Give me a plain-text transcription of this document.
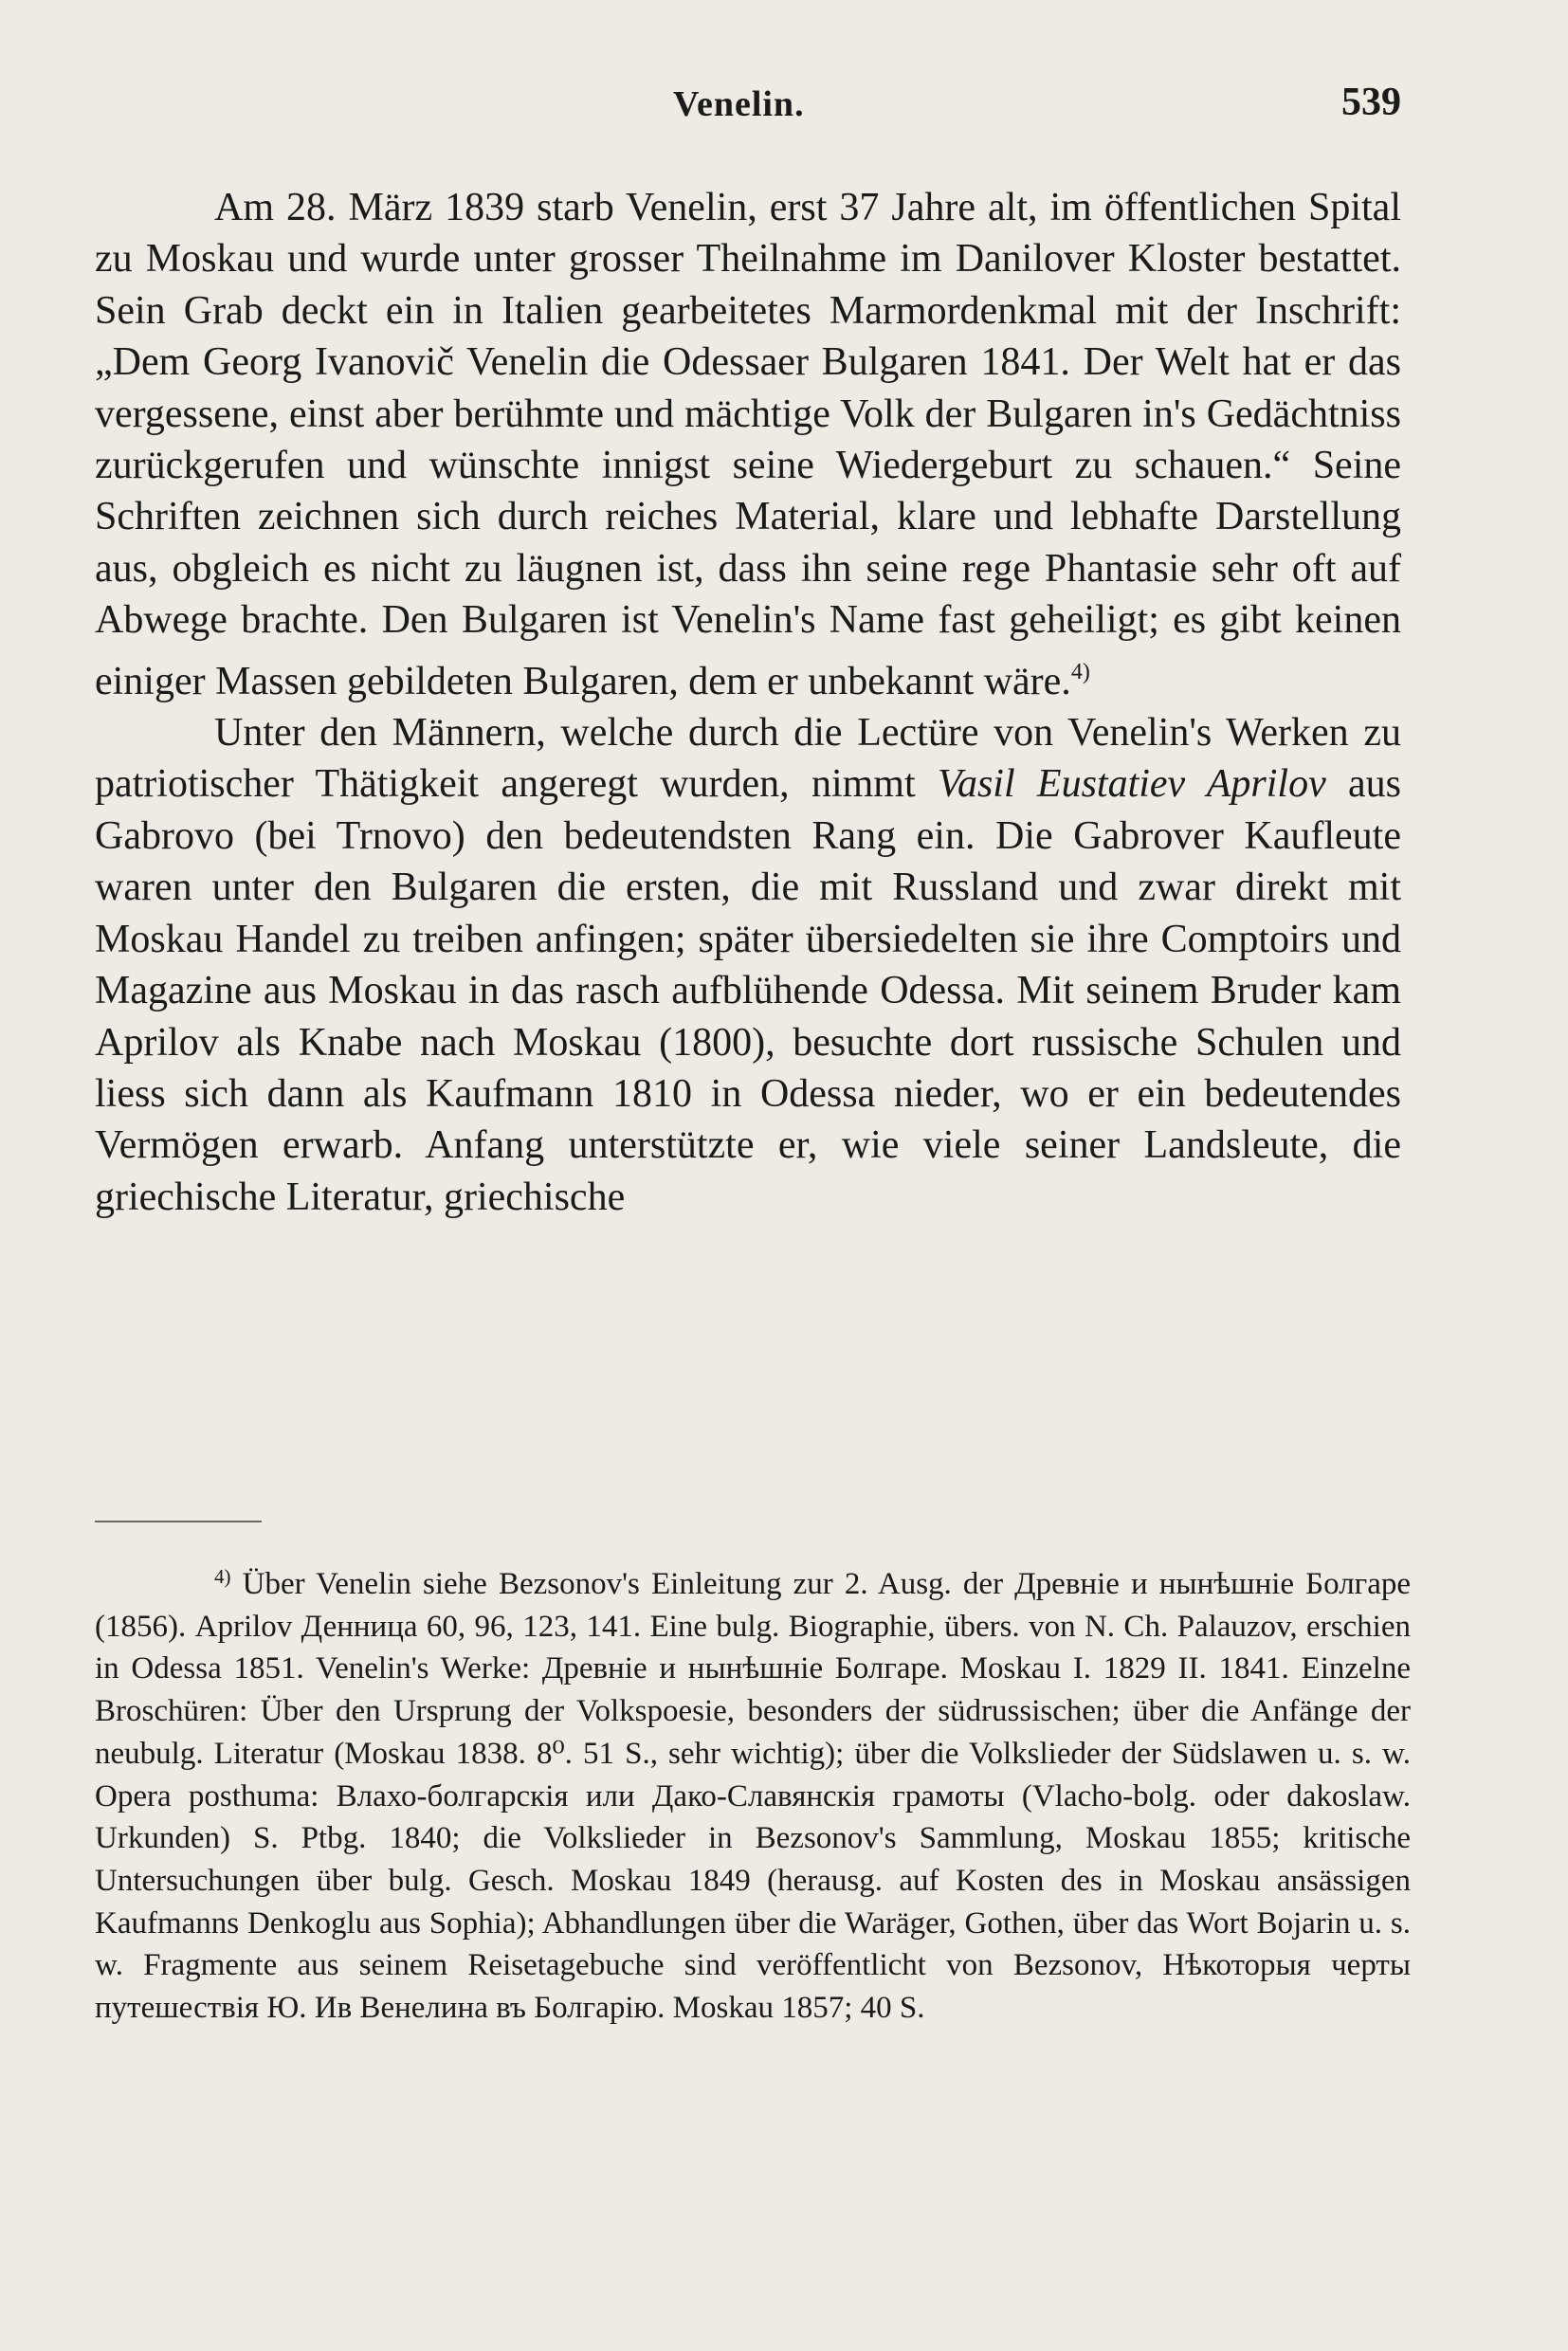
Venelin.	539

Am 28. März 1839 starb Venelin, erst 37 Jahre alt, im öffentlichen Spital zu Moskau und wurde unter grosser Theilnahme im Danilover Kloster bestattet. Sein Grab deckt ein in Italien gearbeitetes Marmordenkmal mit der Inschrift: „Dem Georg Ivanovič Venelin die Odessaer Bulgaren 1841. Der Welt hat er das vergessene, einst aber berühmte und mächtige Volk der Bulgaren in's Gedächtniss zurückgerufen und wünschte innigst seine Wiedergeburt zu schauen.“ Seine Schriften zeichnen sich durch reiches Material, klare und lebhafte Darstellung aus, obgleich es nicht zu läugnen ist, dass ihn seine rege Phantasie sehr oft auf Abwege brachte. Den Bulgaren ist Venelin's Name fast geheiligt; es gibt keinen einiger Massen gebildeten Bulgaren, dem er unbekannt wäre.$^{4)}$

Unter den Männern, welche durch die Lectüre von Venelin's Werken zu patriotischer Thätigkeit angeregt wurden, nimmt Vasil Eustatiev Aprilov aus Gabrovo (bei Trnovo) den bedeutendsten Rang ein. Die Gabrover Kaufleute waren unter den Bulgaren die ersten, die mit Russland und zwar direkt mit Moskau Handel zu treiben anfingen; später übersiedelten sie ihre Comptoirs und Magazine aus Moskau in das rasch aufblühende Odessa. Mit seinem Bruder kam Aprilov als Knabe nach Moskau (1800), besuchte dort russische Schulen und liess sich dann als Kaufmann 1810 in Odessa nieder, wo er ein bedeutendes Vermögen erwarb. Anfang unterstützte er, wie viele seiner Landsleute, die griechische Literatur, griechische

$^{4)}$ Über Venelin siehe Bezsonov's Einleitung zur 2. Ausg. der Древніе и нынѣшніе Болгаре (1856). Aprilov Денница 60, 96, 123, 141. Eine bulg. Biographie, übers. von N. Ch. Palauzov, erschien in Odessa 1851. Venelin's Werke: Древніе и нынѣшніе Болгаре. Moskau I. 1829 II. 1841. Einzelne Broschüren: Über den Ursprung der Volkspoesie, besonders der südrussischen; über die Anfänge der neubulg. Literatur (Moskau 1838. 8⁰. 51 S., sehr wichtig); über die Volkslieder der Südslawen u. s. w. Opera posthuma: Влахо-болгарскія или Дако-Славянскія грамоты (Vlacho-bolg. oder dakoslaw. Urkunden) S. Ptbg. 1840; die Volkslieder in Bezsonov's Sammlung, Moskau 1855; kritische Untersuchungen über bulg. Gesch. Moskau 1849 (herausg. auf Kosten des in Moskau ansässigen Kaufmanns Denkoglu aus Sophia); Abhandlungen über die Waräger, Gothen, über das Wort Bojarin u. s. w. Fragmente aus seinem Reisetagebuche sind veröffentlicht von Bezsonov, Нѣкоторыя черты путешествія Ю. Ив Венелина въ Болгарію. Moskau 1857; 40 S.
